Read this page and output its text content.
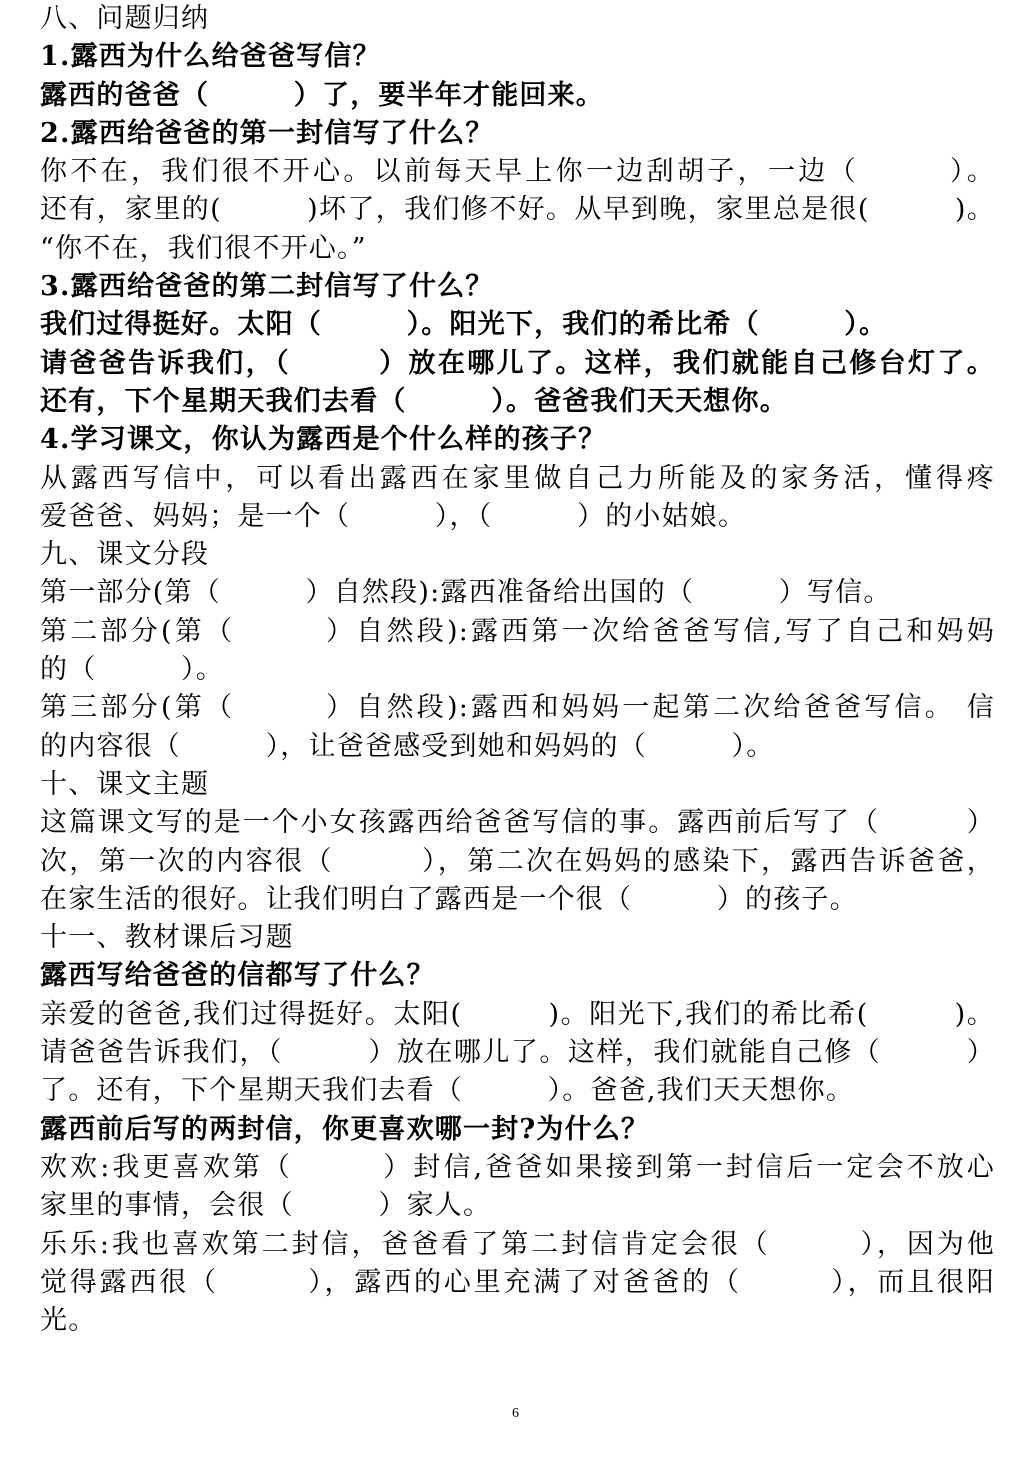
八、问题归纳
1.露西为什么给爸爸写信？
露西的爸爸（　　　）了，要半年才能回来。
2.露西给爸爸的第一封信写了什么？
你不在，我们很不开心。以前每天早上你一边刮胡子，一边（　　　）。
还有，家里的(　　　)坏了，我们修不好。从早到晚，家里总是很(　　　)。
“你不在，我们很不开心。”
3.露西给爸爸的第二封信写了什么？
我们过得挺好。太阳（　　　）。阳光下，我们的希比希（　　　）。
请爸爸告诉我们，（　　　）放在哪儿了。这样，我们就能自己修台灯了。
还有，下个星期天我们去看（　　　）。爸爸我们天天想你。
4.学习课文，你认为露西是个什么样的孩子？
从露西写信中，可以看出露西在家里做自己力所能及的家务活，懂得疼
爱爸爸、妈妈；是一个（　　　），（　　　）的小姑娘。
九、课文分段
第一部分(第（　　　）自然段):露西准备给出国的（　　　）写信。
第二部分(第（　　　）自然段):露西第一次给爸爸写信,写了自己和妈妈
的（　　　）。
第三部分(第（　　　）自然段):露西和妈妈一起第二次给爸爸写信。 信
的内容很（　　　），让爸爸感受到她和妈妈的（　　　）。
十、课文主题
这篇课文写的是一个小女孩露西给爸爸写信的事。露西前后写了（　　　）
次，第一次的内容很（　　　），第二次在妈妈的感染下，露西告诉爸爸，
在家生活的很好。让我们明白了露西是一个很（　　　）的孩子。
十一、教材课后习题
露西写给爸爸的信都写了什么？
亲爱的爸爸,我们过得挺好。太阳(　　　)。阳光下,我们的希比希(　　　)。
请爸爸告诉我们，（　　　）放在哪儿了。这样，我们就能自己修（　　　）
了。还有，下个星期天我们去看（　　　）。爸爸,我们天天想你。
露西前后写的两封信，你更喜欢哪一封?为什么？
欢欢:我更喜欢第（　　　）封信,爸爸如果接到第一封信后一定会不放心
家里的事情，会很（　　　）家人。
乐乐:我也喜欢第二封信，爸爸看了第二封信肯定会很（　　　），因为他
觉得露西很（　　　），露西的心里充满了对爸爸的（　　　），而且很阳
光。
6
